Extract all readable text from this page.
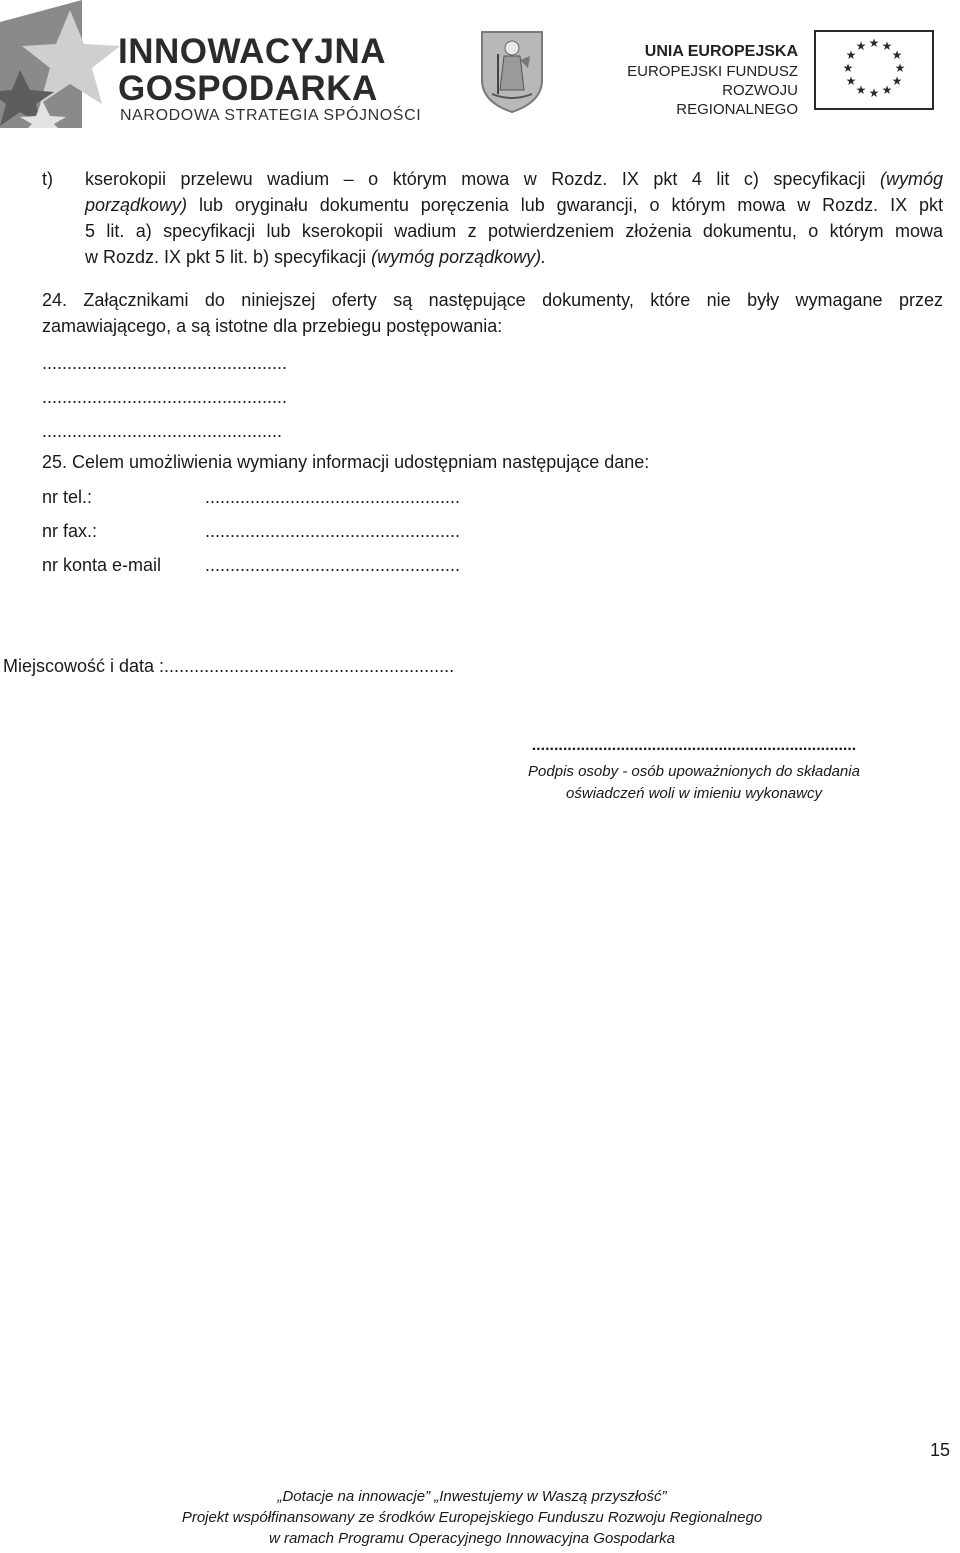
INNOWACYJNA
GOSPODARKA
NARODOWA STRATEGIA SPÓJNOŚCI
UNIA EUROPEJSKA
EUROPEJSKI FUNDUSZ
ROZWOJU REGIONALNEGO
★ ★
★
★
★
★
★
★
★
★
★
★
t) kserokopii przelewu wadium – o którym mowa w Rozdz. IX pkt 4 lit c) specyfikacji (wymóg
porządkowy) lub oryginału dokumentu poręczenia lub gwarancji, o którym mowa w Rozdz. IX pkt
5 lit. a) specyfikacji lub kserokopii wadium z potwierdzeniem złożenia dokumentu, o którym mowa
w Rozdz. IX pkt 5 lit. b) specyfikacji (wymóg porządkowy).
24. Załącznikami do niniejszej oferty są następujące dokumenty, które nie były wymagane przez
zamawiającego, a są istotne dla przebiegu postępowania:
.................................................
.................................................
................................................
25. Celem umożliwienia wymiany informacji udostępniam następujące dane:
nr tel.:	...................................................
nr fax.:	...................................................
nr konta e-mail ...................................................
Miejscowość i data :..........................................................
.........................................................................
Podpis osoby - osób upoważnionych do składania
oświadczeń woli w imieniu wykonawcy
15
„Dotacje na innowacje” „Inwestujemy w Waszą przyszłość”
Projekt współfinansowany ze środków Europejskiego Funduszu Rozwoju Regionalnego
w ramach Programu Operacyjnego Innowacyjna Gospodarka
